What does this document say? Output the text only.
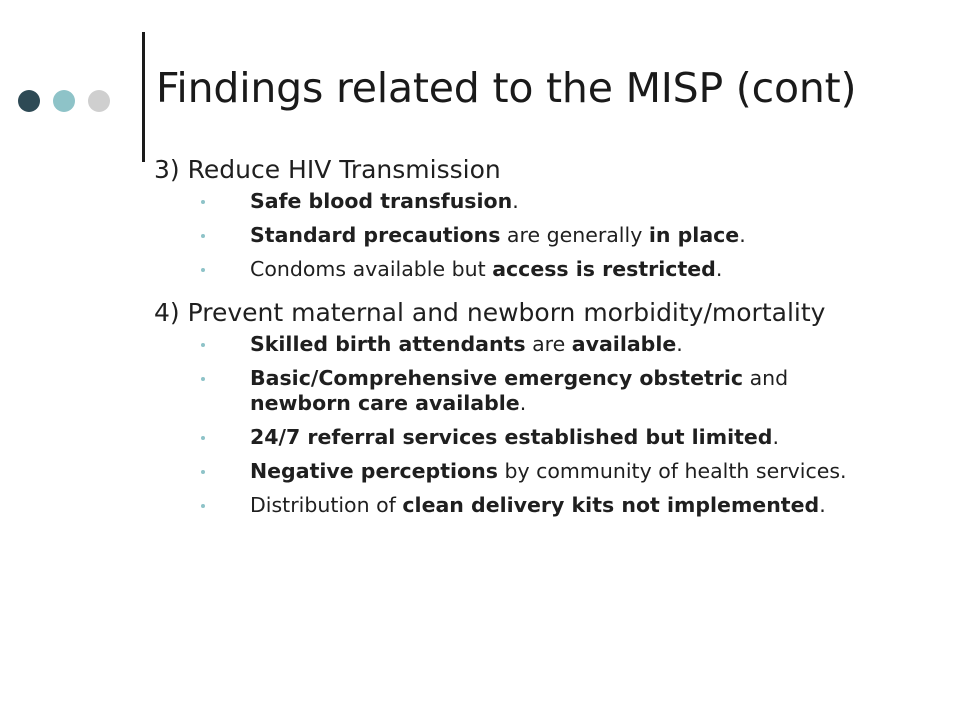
Findings related to the MISP (cont)
3) Reduce HIV Transmission
Safe blood transfusion.
Standard precautions are generally in place.
Condoms available but access is restricted.
4) Prevent maternal and newborn morbidity/mortality
Skilled birth attendants are available.
Basic/Comprehensive emergency obstetric and newborn care available.
24/7 referral services established but limited.
Negative perceptions by community of health services.
Distribution of clean delivery kits not implemented.
